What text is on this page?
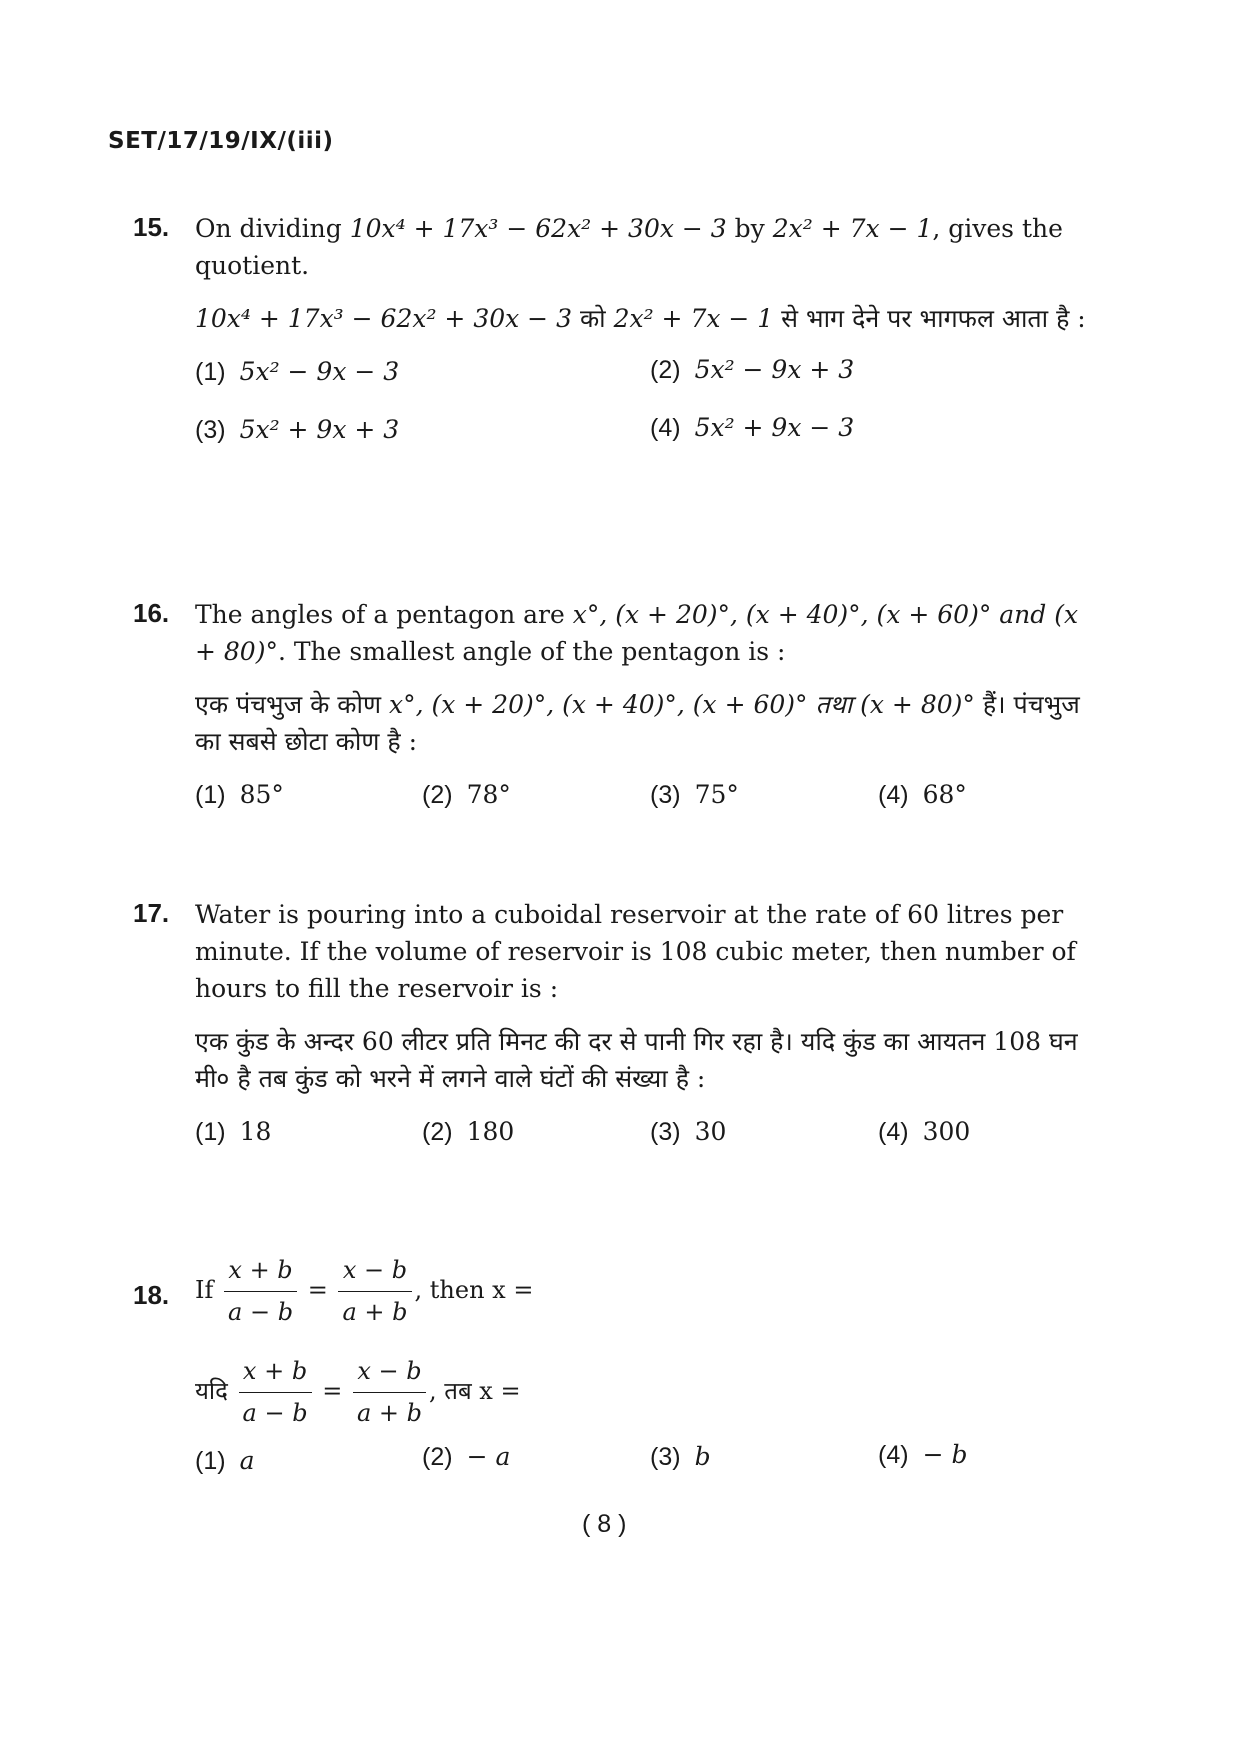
SET/17/19/IX/(iii)
15. On dividing 10x⁴ + 17x³ − 62x² + 30x − 3 by 2x² + 7x − 1, gives the quotient.
10x⁴ + 17x³ − 62x² + 30x − 3 को 2x² + 7x − 1 से भाग देने पर भागफल आता है :
(1) 5x² − 9x − 3	(2) 5x² − 9x + 3
(3) 5x² + 9x + 3	(4) 5x² + 9x − 3
16. The angles of a pentagon are x°, (x + 20)°, (x + 40)°, (x + 60)° and (x + 80)°. The smallest angle of the pentagon is :
एक पंचभुज के कोण x°, (x + 20)°, (x + 40)°, (x + 60)° तथा (x + 80)° हैं। पंचभुज का सबसे छोटा कोण है :
(1) 85°	(2) 78°	(3) 75°	(4) 68°
17. Water is pouring into a cuboidal reservoir at the rate of 60 litres per minute. If the volume of reservoir is 108 cubic meter, then number of hours to fill the reservoir is :
एक कुंड के अन्दर 60 लीटर प्रति मिनट की दर से पानी गिर रहा है। यदि कुंड का आयतन 108 घन मी० है तब कुंड को भरने में लगने वाले घंटों की संख्या है :
(1) 18	(2) 180	(3) 30	(4) 300
18. If $\frac{x + b}{a - b} = \frac{x - b}{a + b}$ , then x =
यदि $\frac{x + b}{a - b} = \frac{x - b}{a + b}$ , तब x =
(1) a	(2) − a	(3) b	(4) − b
( 8 )
